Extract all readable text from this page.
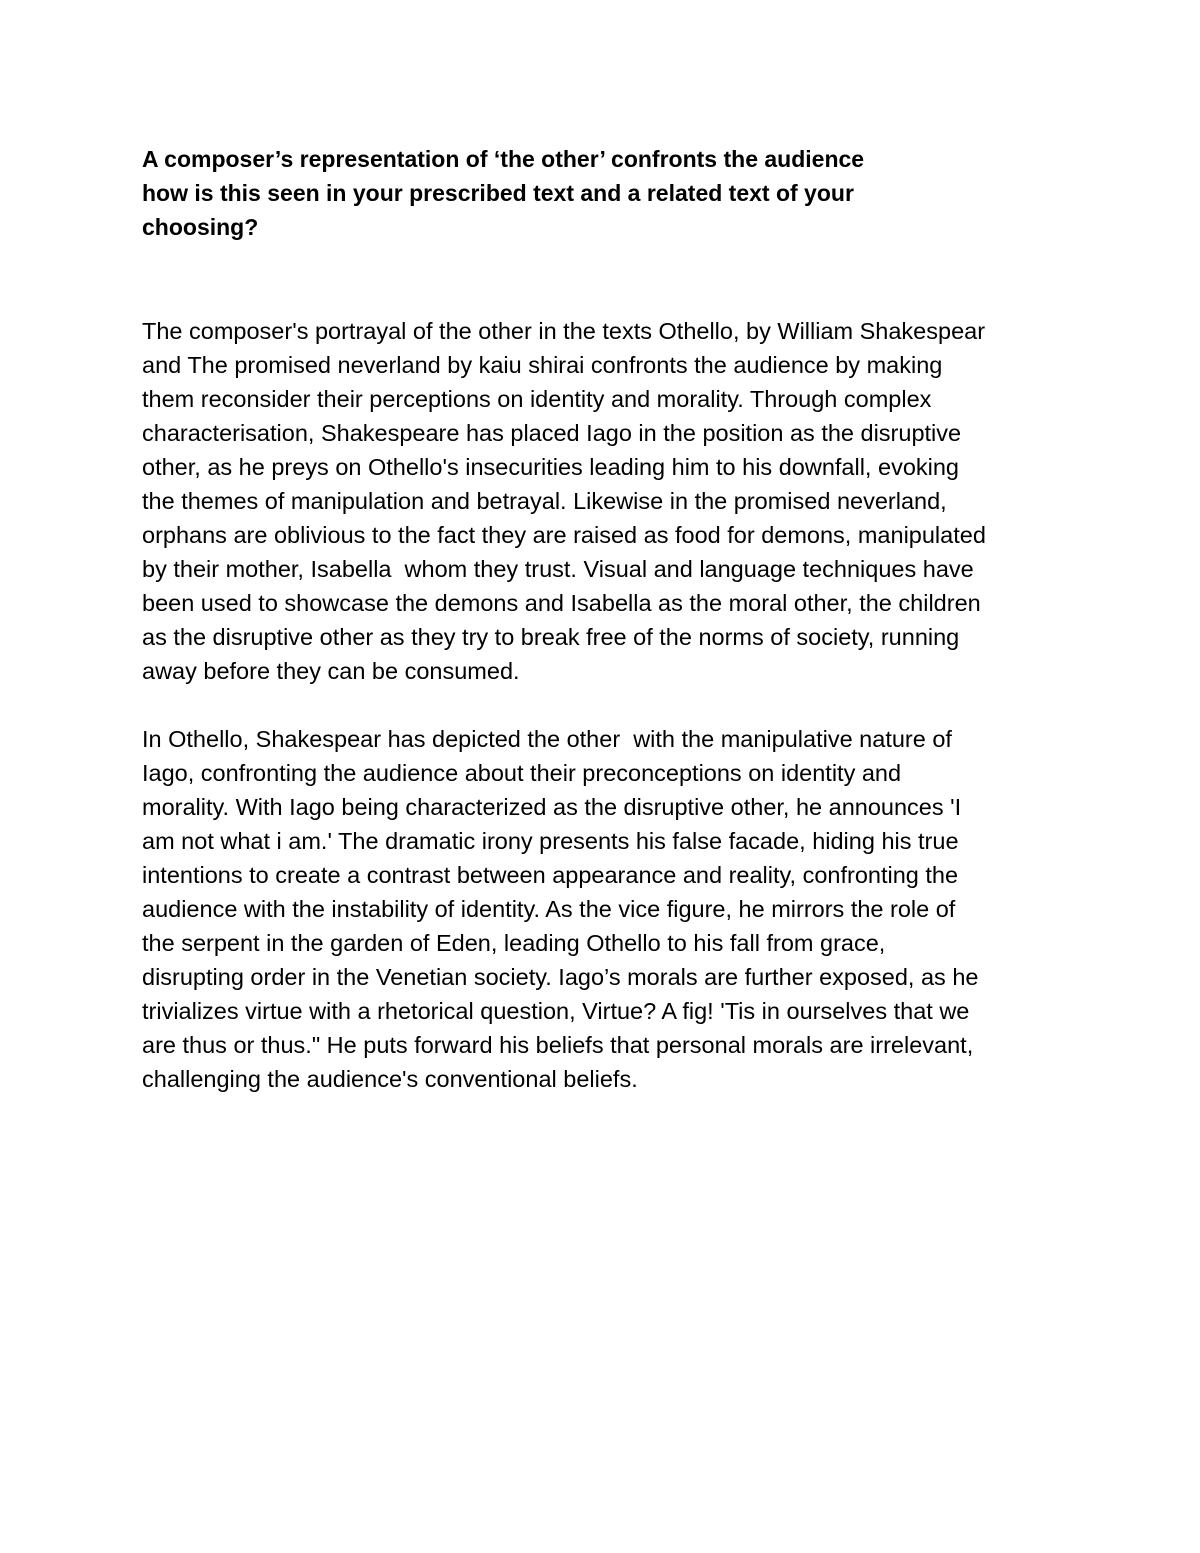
A composer’s representation of ‘the other’ confronts the audience
how is this seen in your prescribed text and a related text of your
choosing?
The composer's portrayal of the other in the texts Othello, by William Shakespear
and The promised neverland by kaiu shirai confronts the audience by making
them reconsider their perceptions on identity and morality. Through complex
characterisation, Shakespeare has placed Iago in the position as the disruptive
other, as he preys on Othello's insecurities leading him to his downfall, evoking
the themes of manipulation and betrayal. Likewise in the promised neverland,
orphans are oblivious to the fact they are raised as food for demons, manipulated
by their mother, Isabella  whom they trust. Visual and language techniques have
been used to showcase the demons and Isabella as the moral other, the children
as the disruptive other as they try to break free of the norms of society, running
away before they can be consumed.
In Othello, Shakespear has depicted the other  with the manipulative nature of
Iago, confronting the audience about their preconceptions on identity and
morality. With Iago being characterized as the disruptive other, he announces 'I
am not what i am.' The dramatic irony presents his false facade, hiding his true
intentions to create a contrast between appearance and reality, confronting the
audience with the instability of identity. As the vice figure, he mirrors the role of
the serpent in the garden of Eden, leading Othello to his fall from grace,
disrupting order in the Venetian society. Iago’s morals are further exposed, as he
trivializes virtue with a rhetorical question, Virtue? A fig! 'Tis in ourselves that we
are thus or thus." He puts forward his beliefs that personal morals are irrelevant,
challenging the audience's conventional beliefs.
